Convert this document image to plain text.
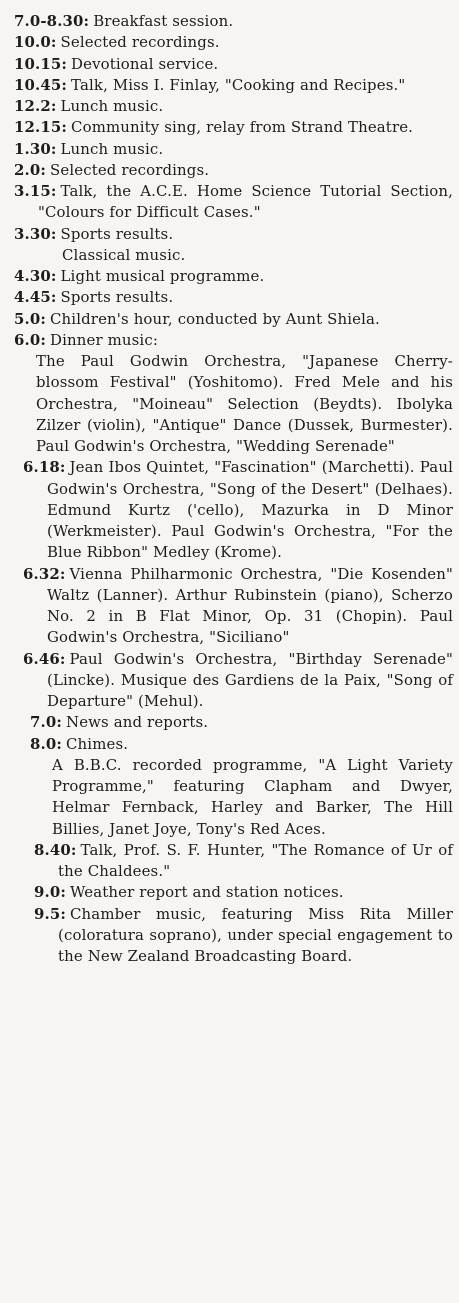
7.0-8.30: Breakfast session.

10.0: Selected recordings.

10.15: Devotional service.

10.45: Talk, Miss I. Finlay, "Cooking and Recipes."

12.2: Lunch music.

12.15: Community sing, relay from Strand Theatre.

1.30: Lunch music.

2.0: Selected recordings.

3.15: Talk, the A.C.E. Home Science Tutorial Section, "Colours for Difficult Cases."

3.30: Sports results.

Classical music.

4.30: Light musical programme.

4.45: Sports results.

5.0: Children's hour, conducted by Aunt Shiela.

6.0: Dinner music:

The Paul Godwin Orchestra, "Japanese Cherry-blossom Festival" (Yoshitomo). Fred Mele and his Orchestra, "Moineau" Selection (Beydts). Ibolyka Zilzer (violin), "Antique" Dance (Dussek, Burmester). Paul Godwin's Orchestra, "Wedding Serenade"

6.18: Jean Ibos Quintet, "Fascination" (Marchetti). Paul Godwin's Orchestra, "Song of the Desert" (Delhaes). Edmund Kurtz ('cello), Mazurka in D Minor (Werkmeister). Paul Godwin's Orchestra, "For the Blue Ribbon" Medley (Krome).

6.32: Vienna Philharmonic Orchestra, "Die Kosenden" Waltz (Lanner). Arthur Rubinstein (piano), Scherzo No. 2 in B Flat Minor, Op. 31 (Chopin). Paul Godwin's Orchestra, "Siciliano"

6.46: Paul Godwin's Orchestra, "Birthday Serenade" (Lincke). Musique des Gardiens de la Paix, "Song of Departure" (Mehul).

7.0: News and reports.

8.0: Chimes.

A B.B.C. recorded programme, "A Light Variety Programme," featuring Clapham and Dwyer, Helmar Fernback, Harley and Barker, The Hill Billies, Janet Joye, Tony's Red Aces.

8.40: Talk, Prof. S. F. Hunter, "The Romance of Ur of the Chaldees."

9.0: Weather report and station notices.

9.5: Chamber music, featuring Miss Rita Miller (coloratura soprano), under special engagement to the New Zealand Broadcasting Board.
